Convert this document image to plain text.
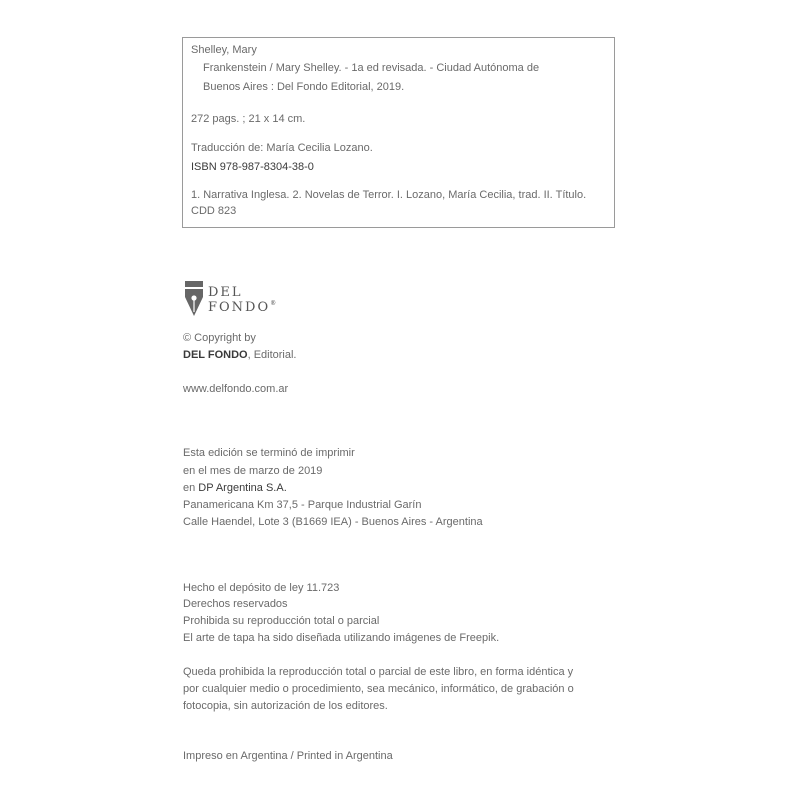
Shelley, Mary
Frankenstein / Mary Shelley. - 1a ed revisada. - Ciudad Autónoma de
Buenos Aires : Del Fondo Editorial, 2019.
272 pags. ; 21 x 14 cm.
Traducción de: María Cecilia Lozano.
ISBN 978-987-8304-38-0
1. Narrativa Inglesa. 2. Novelas de Terror. I. Lozano, María Cecilia, trad. II. Título.
CDD 823
DEL
FONDO®
© Copyright by
DEL FONDO, Editorial.
www.delfondo.com.ar
Esta edición se terminó de imprimir
en el mes de marzo de 2019
en DP Argentina S.A.
Panamericana Km 37,5 - Parque Industrial Garín
Calle Haendel, Lote 3 (B1669 IEA) - Buenos Aires - Argentina
Hecho el depósito de ley 11.723
Derechos reservados
Prohibida su reproducción total o parcial
El arte de tapa ha sido diseñada utilizando imágenes de Freepik.
Queda prohibida la reproducción total o parcial de este libro, en forma idéntica y
por cualquier medio o procedimiento, sea mecánico, informático, de grabación o
fotocopia, sin autorización de los editores.
Impreso en Argentina / Printed in Argentina
